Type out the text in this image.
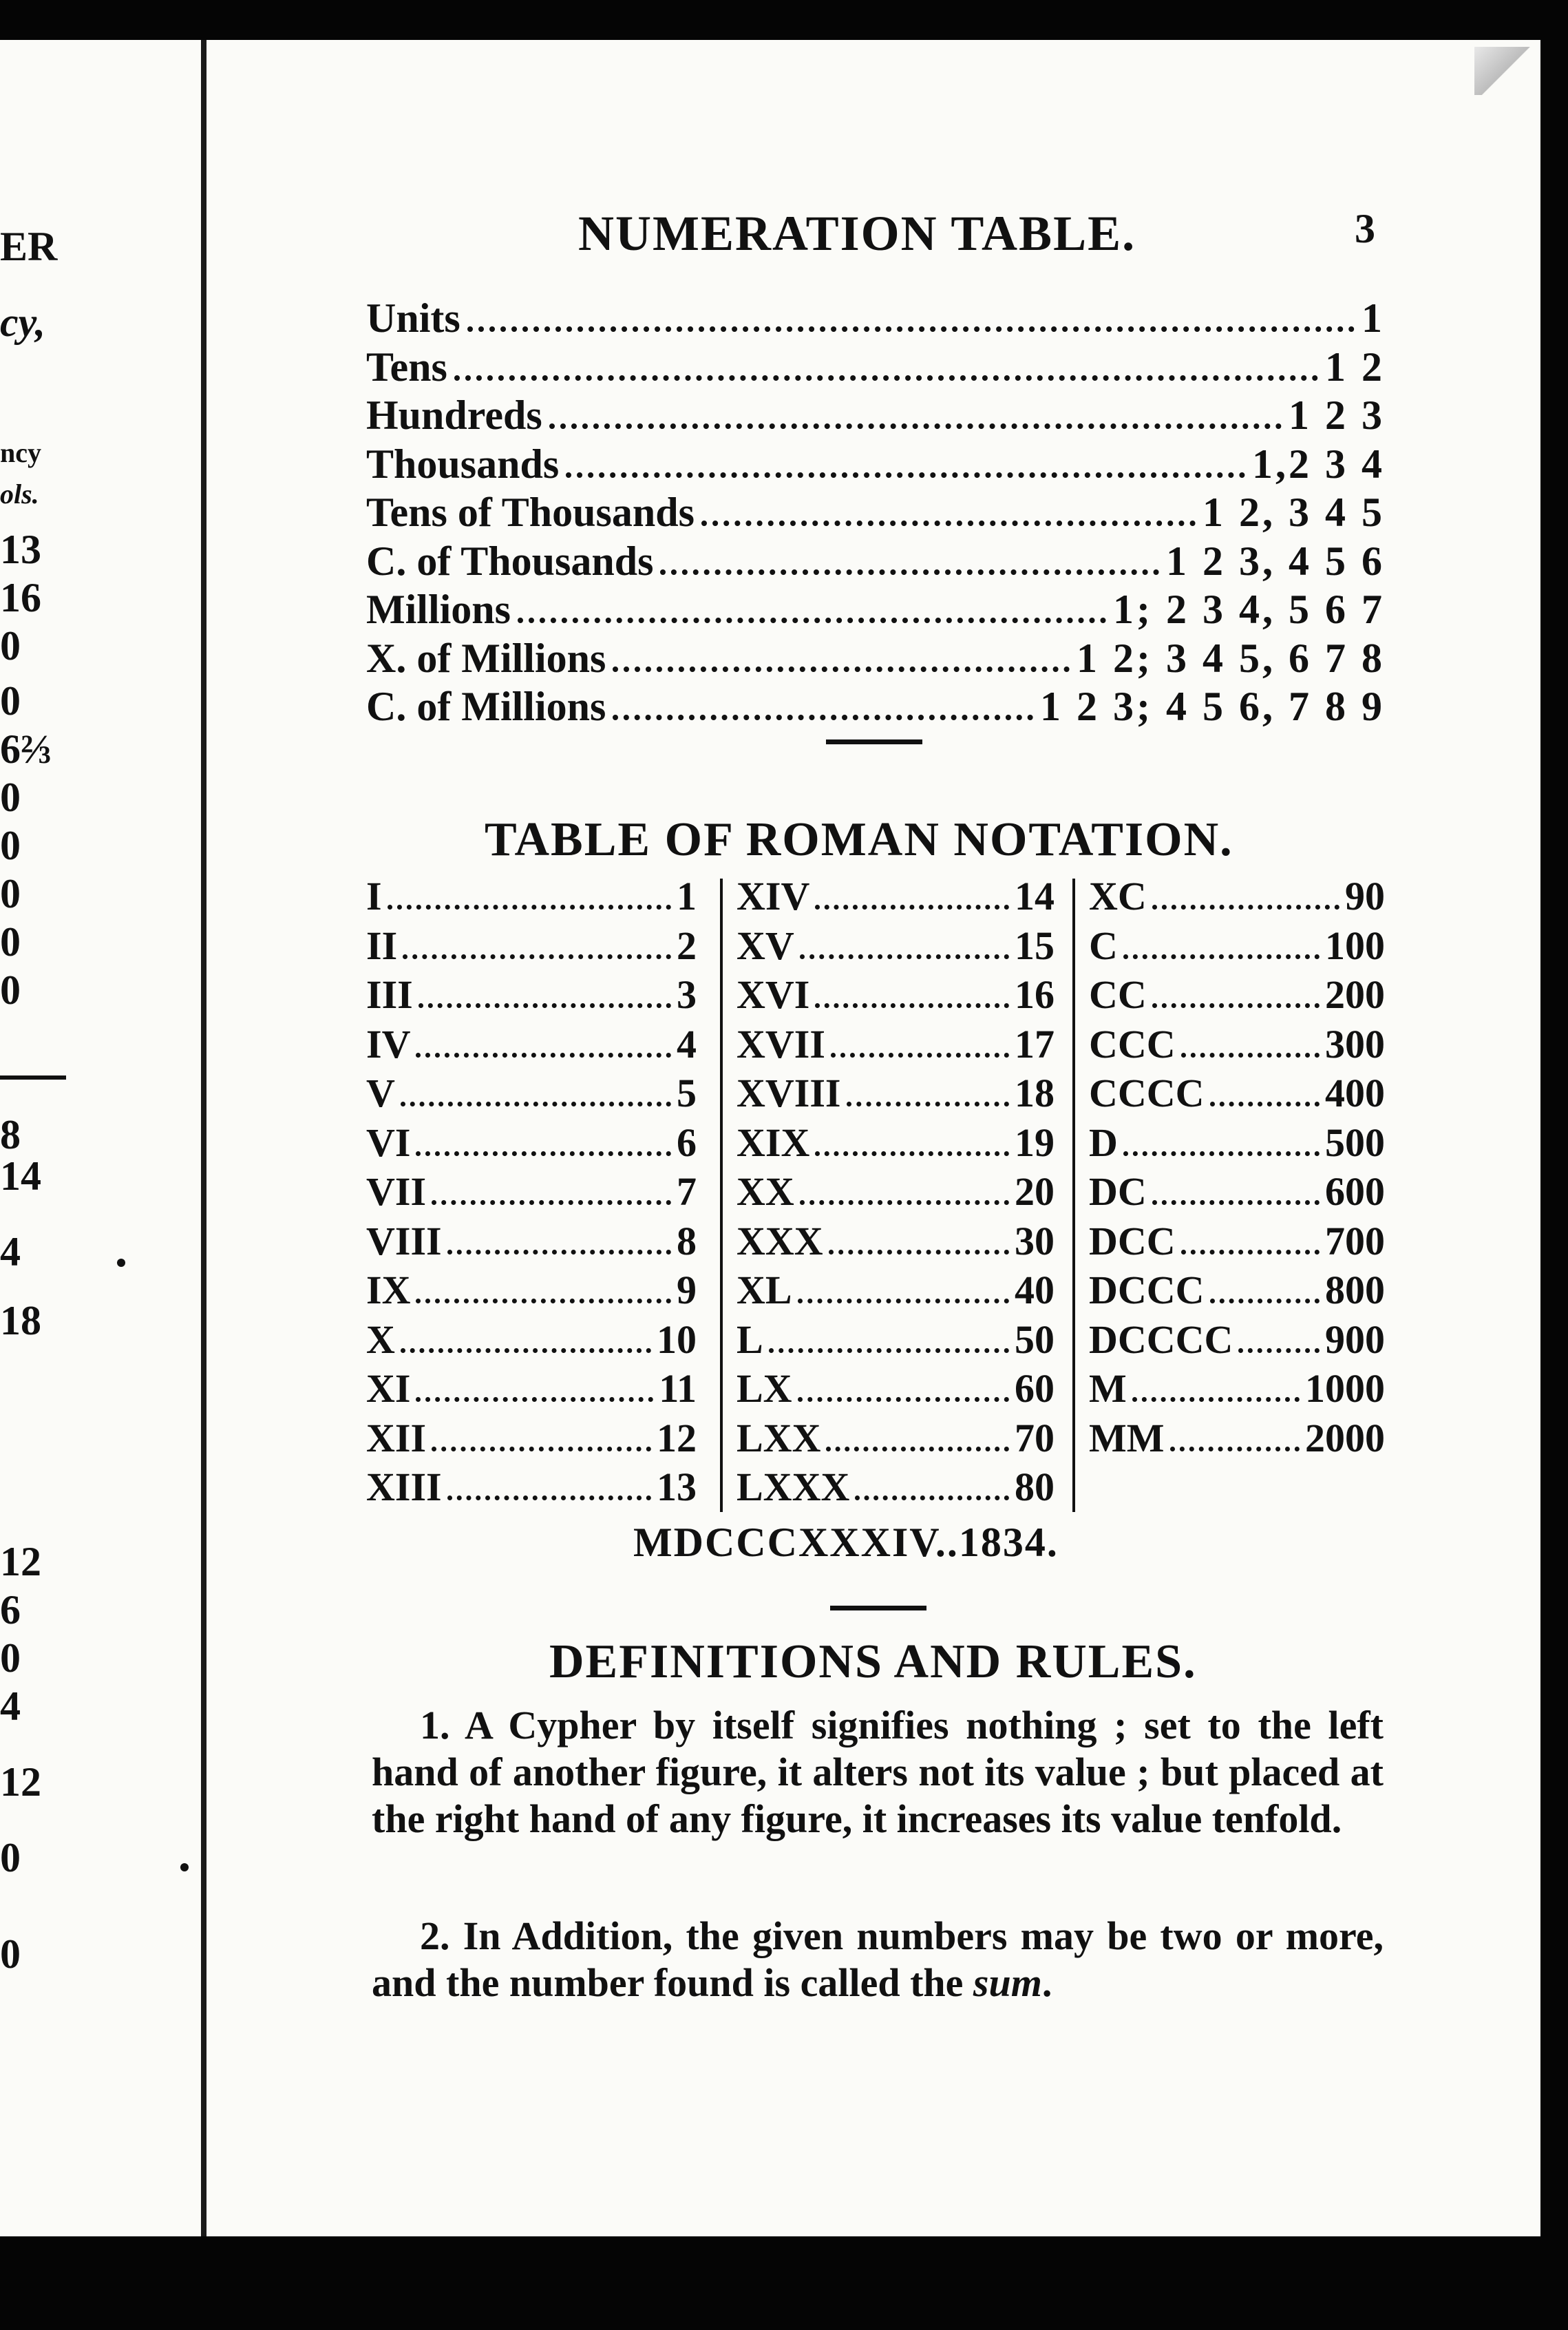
ER
cy,
ncy
ols.
13
16
0
0
6⅔
0
0
0
0
0
8
14
4
18
12
6
0
4
12
0
0
NUMERATION TABLE.	3
Units	1
Tens	1 2
Hundreds	1 2 3
Thousands	1,2 3 4
Tens of Thousands	1 2, 3 4 5
C. of Thousands	1 2 3, 4 5 6
Millions	1; 2 3 4, 5 6 7
X. of Millions	1 2; 3 4 5, 6 7 8
C. of Millions	1 2 3; 4 5 6, 7 8 9
TABLE OF ROMAN NOTATION.
I	1
II	2
III	3
IV	4
V	5
VI	6
VII	7
VIII	8
IX	9
X	10
XI	11
XII	12
XIII	13
XIV	14
XV	15
XVI	16
XVII	17
XVIII	18
XIX	19
XX	20
XXX	30
XL	40
L	50
LX	60
LXX	70
LXXX	80
XC	90
C	100
CC	200
CCC	300
CCCC	400
D	500
DC	600
DCC	700
DCCC	800
DCCCC 900
M	1000
MM	2000
MDCCCXXXIV..1834.
DEFINITIONS AND RULES.

1. A Cypher by itself signifies nothing ; set to the left hand of another figure, it alters not its value ; but placed at the right hand of any figure, it increases its value tenfold.

2. In Addition, the given numbers may be two or more, and the number found is called the sum.
